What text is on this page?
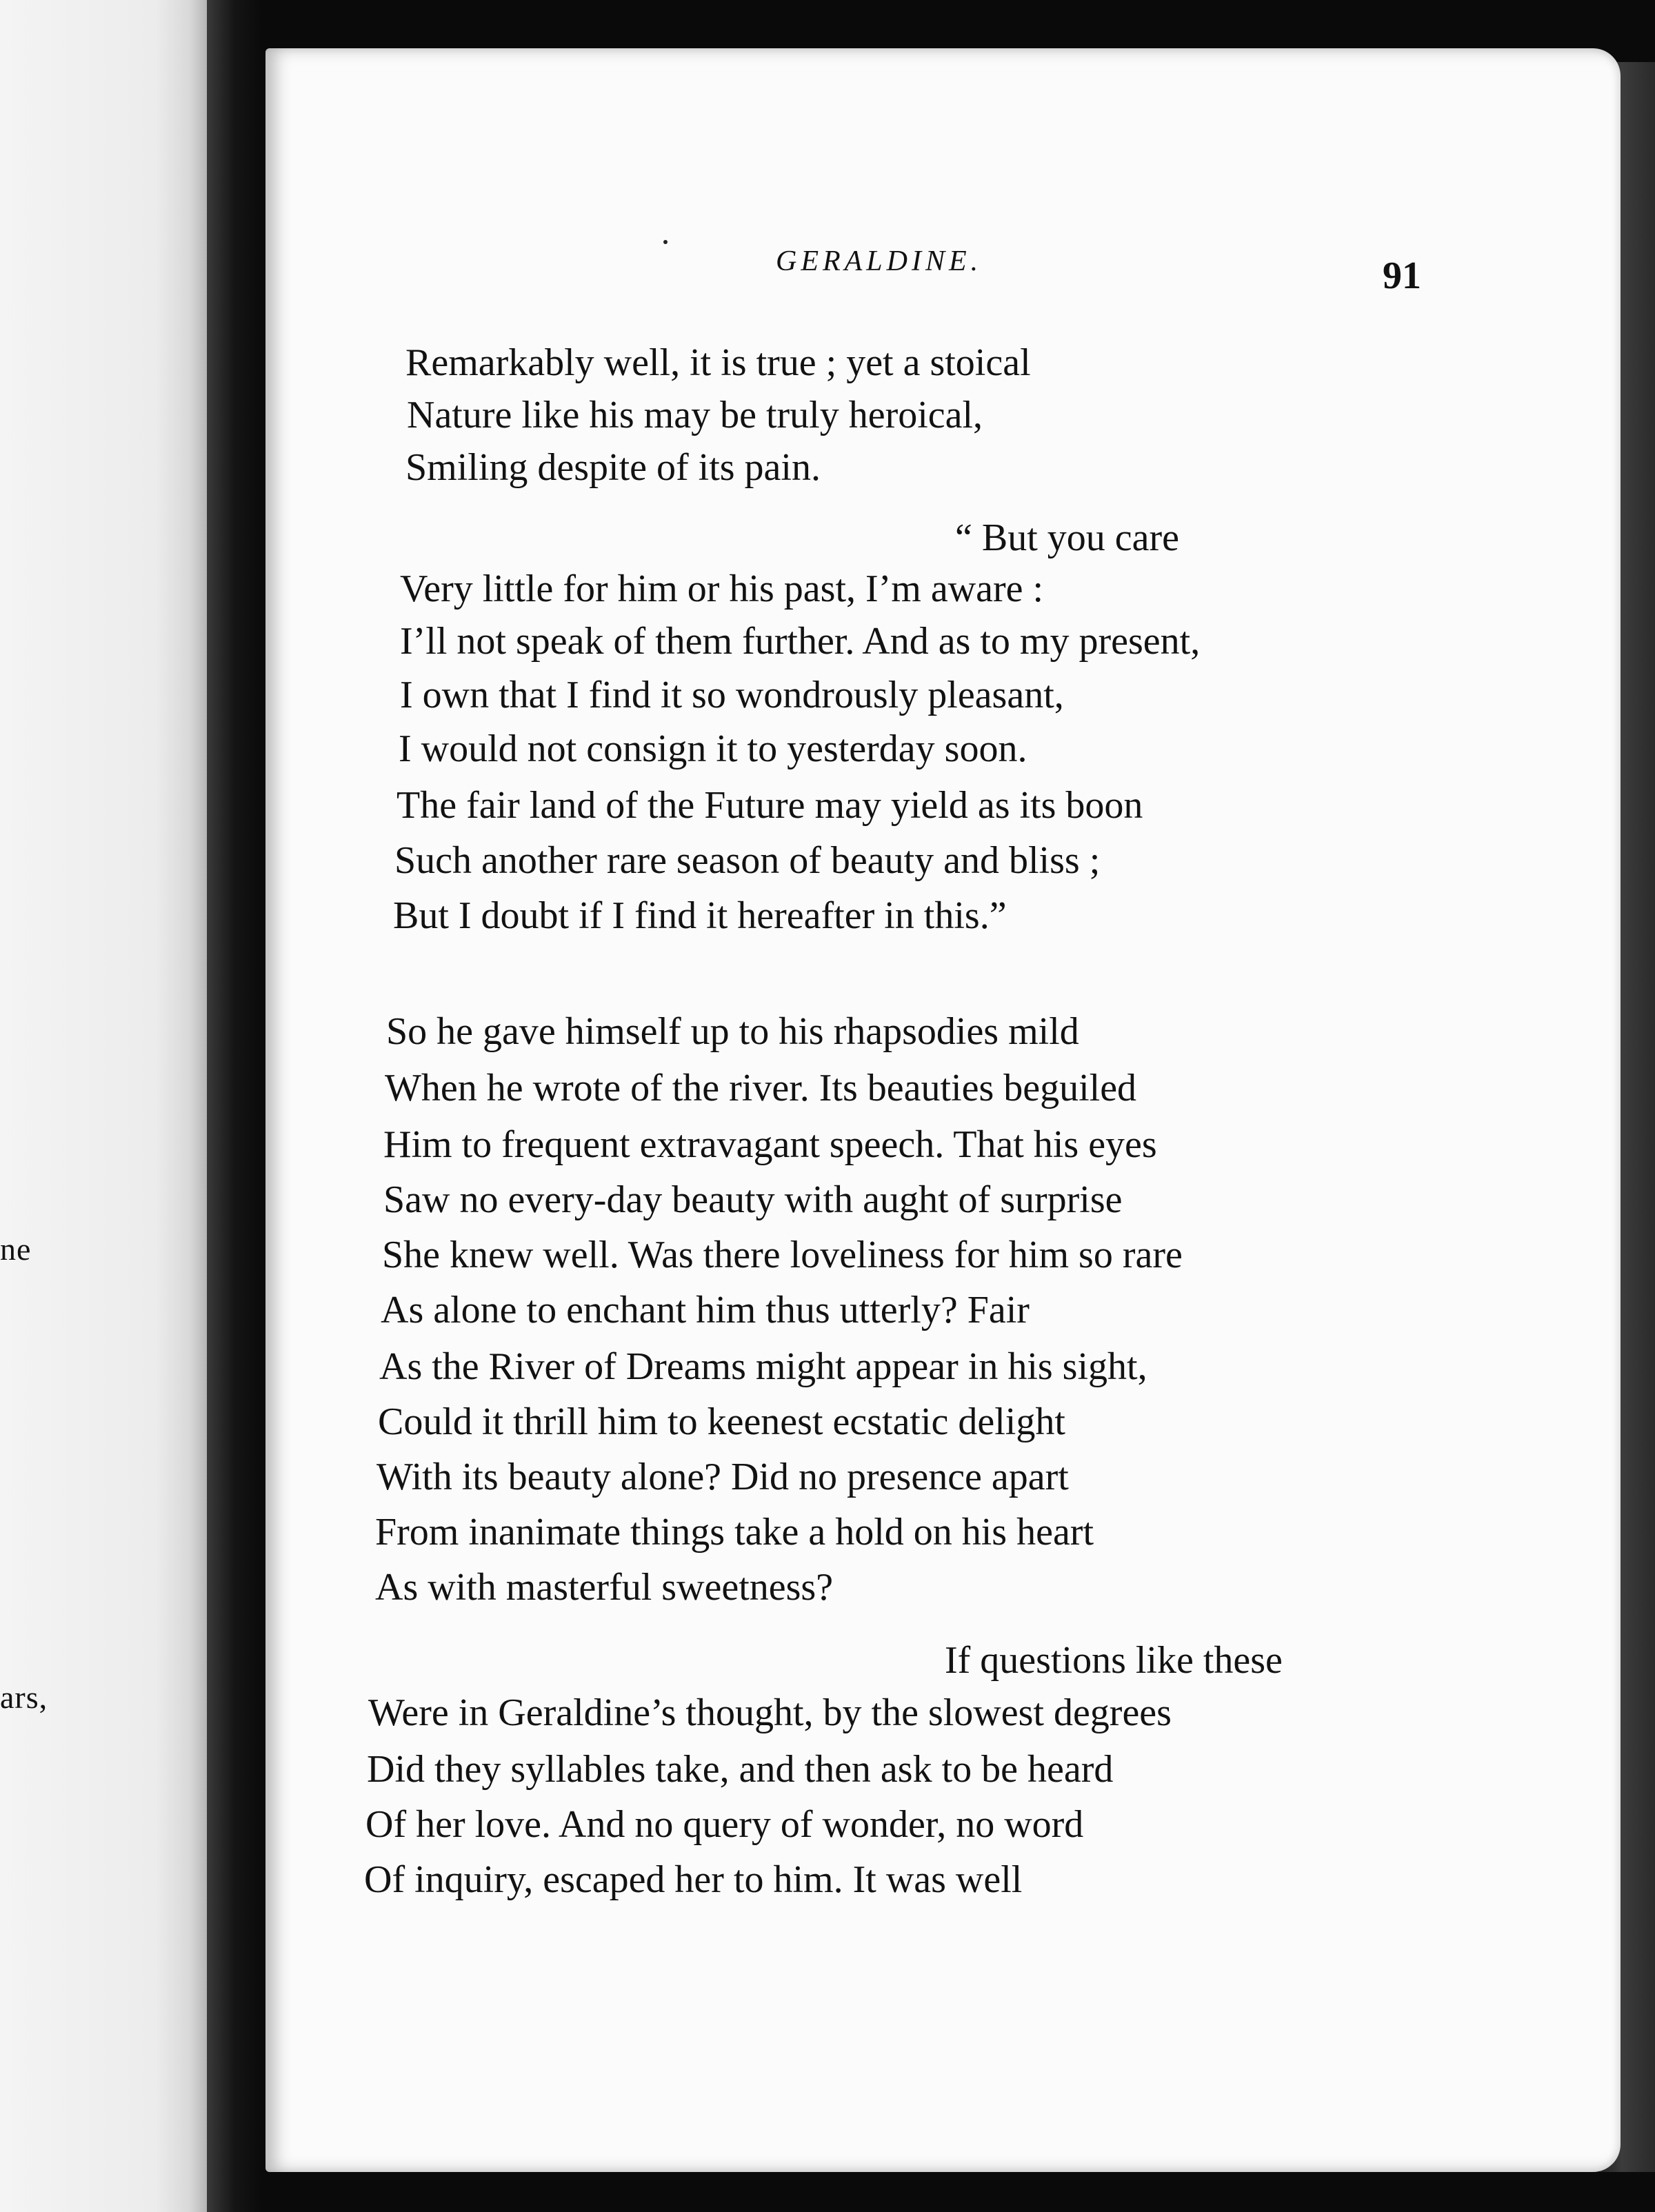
ne
ars,
GERALDINE.	91
Remarkably well, it is true ; yet a stoical
Nature like his may be truly heroical,
Smiling despite of its pain.
“ But you care
Very little for him or his past, I’m aware :
I’ll not speak of them further. And as to my present,
I own that I find it so wondrously pleasant,
I would not consign it to yesterday soon.
The fair land of the Future may yield as its boon
Such another rare season of beauty and bliss ;
But I doubt if I find it hereafter in this.”
So he gave himself up to his rhapsodies mild
When he wrote of the river. Its beauties beguiled
Him to frequent extravagant speech. That his eyes
Saw no every-day beauty with aught of surprise
She knew well. Was there loveliness for him so rare
As alone to enchant him thus utterly? Fair
As the River of Dreams might appear in his sight,
Could it thrill him to keenest ecstatic delight
With its beauty alone? Did no presence apart
From inanimate things take a hold on his heart
As with masterful sweetness?
If questions like these
Were in Geraldine’s thought, by the slowest degrees
Did they syllables take, and then ask to be heard
Of her love. And no query of wonder, no word
Of inquiry, escaped her to him. It was well
